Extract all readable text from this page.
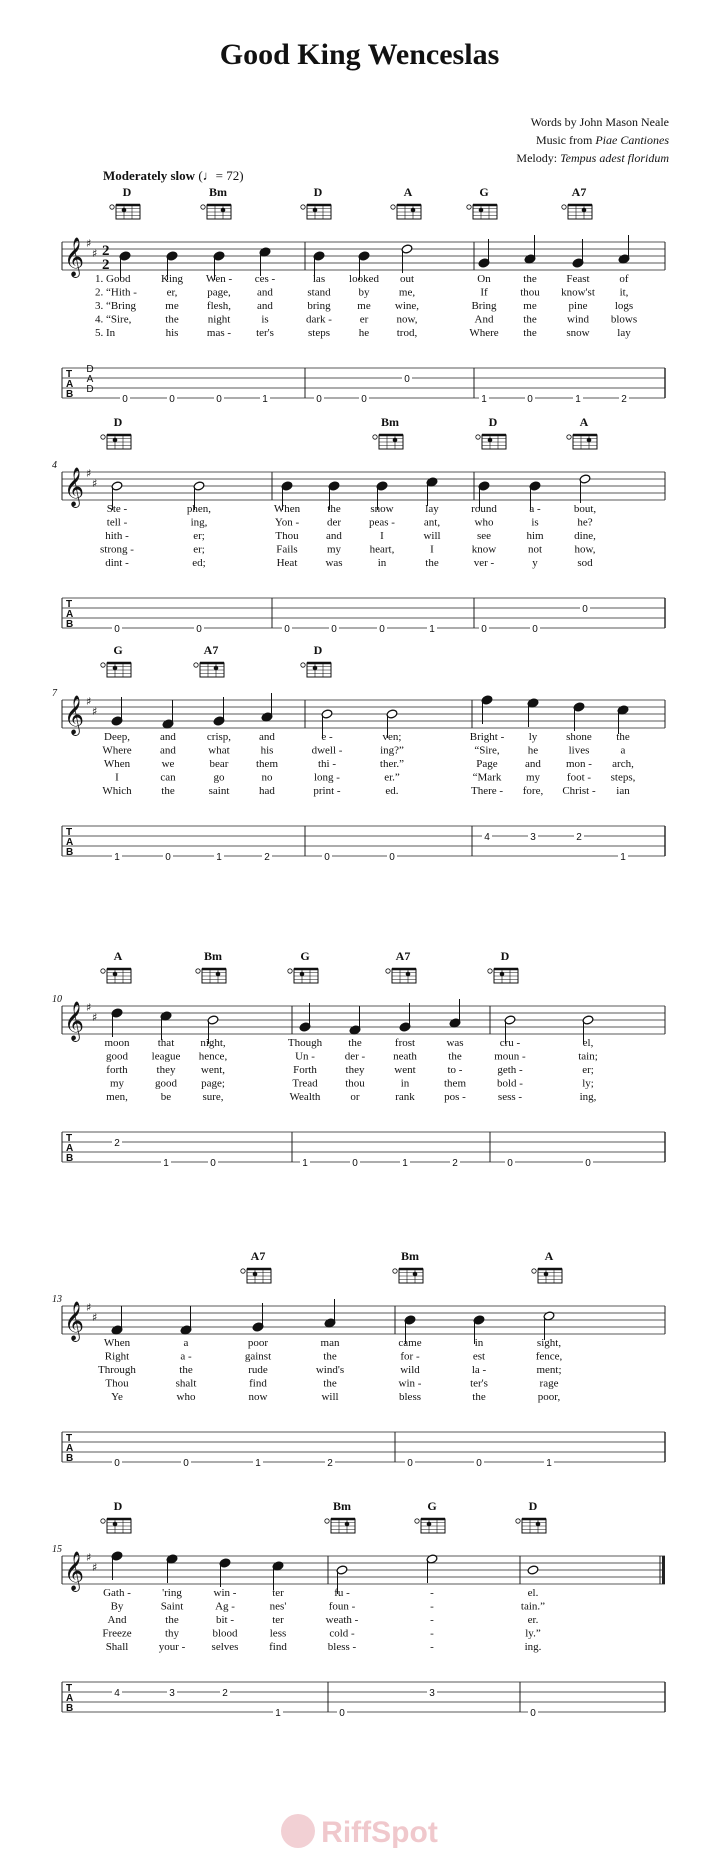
Good King Wenceslas
Words by John Mason Neale
Music from Piae Cantiones
Melody: Tempus adest floridum
Moderately slow (♩= 72)
D	Bm	D	A	G	A7
𝄞 ♯
♯ 2
2
1. Good	King Wen - ces -	las looked out	On	the	Feast	of
2. “Hith -	er,	page, and	stand	by	me,	If	thou know'st it,
3. “Bring	me	flesh, and	bring me wine,	Bring me	pine logs
4. “Sire,	the	night	is	dark -	er	now,	And	the	wind blows
5. In	his	mas - ter's	steps	he	trod,	Where the	snow	lay
T
A
B
D
A
D
0	0	0	1	0	0
0
1	0	1	2
4
D	Bm	D	A
𝄞 ♯
♯
Ste -	phen,	When the	snow	lay	round	a -	bout,
tell -	ing,	Yon -	der	peas -	ant,	who	is	he?
hith -	er;	Thou and	I	will	see	him	dine,
strong -	er;	Fails	my	heart,	I	know	not	how,
dint -	ed;	Heat	was	in	the	ver -	y	sod
T
A
B	0	0	0	0	0	1	0	0
0
7
G	A7	D
𝄞 ♯
♯
Deep,	and	crisp,	and	e -	ven;	Bright - ly	shone the
Where	and	what	his	dwell -	ing?”	“Sire,	he	lives	a
When	we	bear	them	thi -	ther.”	Page and mon - arch,
I	can	go	no	long -	er.”	“Mark my foot - steps,
Which	the	saint	had	print -	ed.	There - fore, Christ - ian
T
A
B	1	0	1	2	0	0
4	3	2
1
10
A	Bm	G	A7	D
𝄞 ♯
♯
moon	that night,	Though the	frost	was	cru -	el,
good league hence,	Un -	der -	neath	the	moun -	tain;
forth	they went,	Forth	they	went	to -	geth -	er;
my	good page;	Tread	thou	in	them	bold -	ly;
men,	be	sure,	Wealth	or	rank	pos -	sess -	ing,
T
A
B
2
1	0	1	0	1	2	0	0
13
A7	Bm	A
𝄞 ♯
♯
When	a	poor	man	came	in	sight,
Right	a -	gainst	the	for -	est	fence,
Through	the	rude	wind's	wild	la -	ment;
Thou	shalt	find	the	win -	ter's	rage
Ye	who	now	will	bless	the	poor,
T
A
B	0	0	1	2	0	0	1
15
D	Bm	G	D
𝄞 ♯
♯
Gath -	'ring	win -	ter	fu -	-	el.
By	Saint	Ag -	nes'	foun -	-	tain.”
And	the	bit -	ter	weath -	-	er.
Freeze	thy	blood	less	cold -	-	ly.”
Shall	your - selves	find	bless -	-	ing.
T
A
B
4	3	2
1	0
3
0
RiffSpot
